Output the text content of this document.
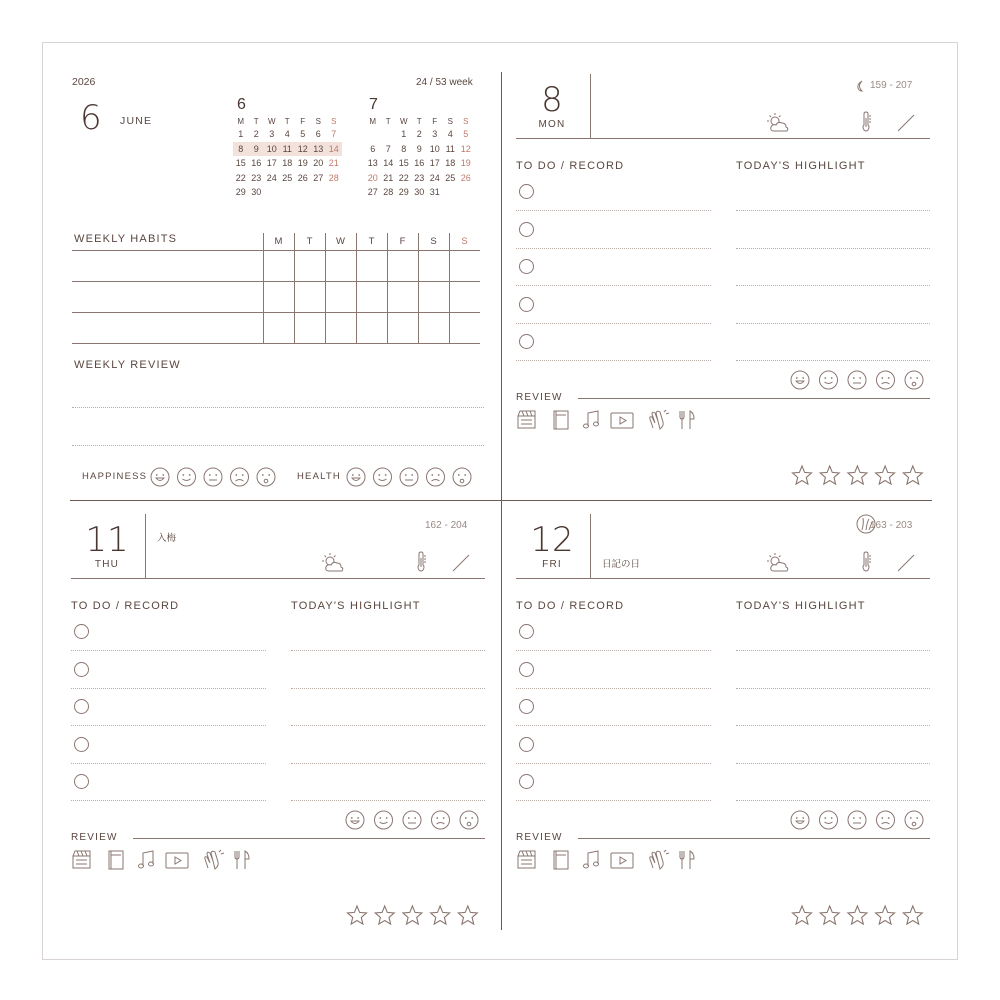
2026
6 JUNE
24 / 53 week
6
M	T	W	T	F	S	S
1	2	3	4	5	6	7
8	9	10	11	12	13	14
15	16	17	18	19	20	21
22	23	24	25	26	27	28
29	30					
7
M	T	W	T	F	S	S
		1	2	3	4	5
6	7	8	9	10	11	12
13	14	15	16	17	18	19
20	21	22	23	24	25	26
27	28	29	30	31		
WEEKLY HABITS	M	T	W	T	F	S	S
WEEKLY REVIEW
HAPPINESS	HEALTH
8
MON
159 - 207
TO DO / RECORD	TODAY'S HIGHLIGHT
REVIEW
11
THU
入梅
162 - 204
TO DO / RECORD	TODAY'S HIGHLIGHT
REVIEW
12
FRI	日記の日
163 - 203
TO DO / RECORD	TODAY'S HIGHLIGHT
REVIEW
